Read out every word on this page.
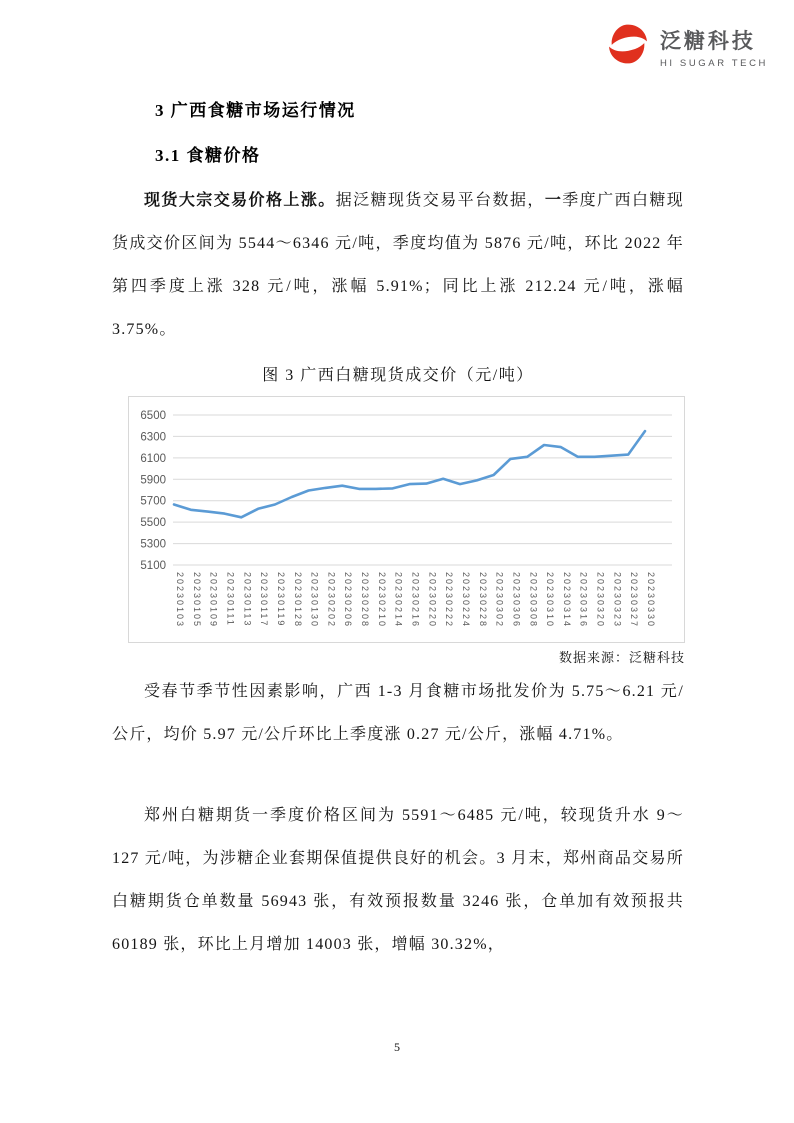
泛糖科技
HI SUGAR TECH
3 广西食糖市场运行情况
3.1 食糖价格

现货大宗交易价格上涨。据泛糖现货交易平台数据，一季度广西白糖现货成交价区间为 5544～6346 元/吨，季度均值为 5876 元/吨，环比 2022 年第四季度上涨 328 元/吨，涨幅 5.91%；同比上涨 212.24 元/吨，涨幅 3.75%。

图 3 广西白糖现货成交价（元/吨）
6500
6300
6100
5900
5700
5500
5300
5100
20230103 20230105 20230109 20230111 20230113 20230117 20230119 20230128 20230130 20230202 20230206 20230208 20230210 20230214 20230216 20230220 20230222 20230224 20230228 20230302 20230306 20230308 20230310 20230314 20230316 20230320 20230323 20230327 20230330
数据来源：泛糖科技

受春节季节性因素影响，广西 1-3 月食糖市场批发价为 5.75～6.21 元/公斤，均价 5.97 元/公斤环比上季度涨 0.27 元/公斤，涨幅 4.71%。

郑州白糖期货一季度价格区间为 5591～6485 元/吨，较现货升水 9～127 元/吨，为涉糖企业套期保值提供良好的机会。3 月末，郑州商品交易所白糖期货仓单数量 56943 张，有效预报数量 3246 张，仓单加有效预报共 60189 张，环比上月增加 14003 张，增幅 30.32%，

5
